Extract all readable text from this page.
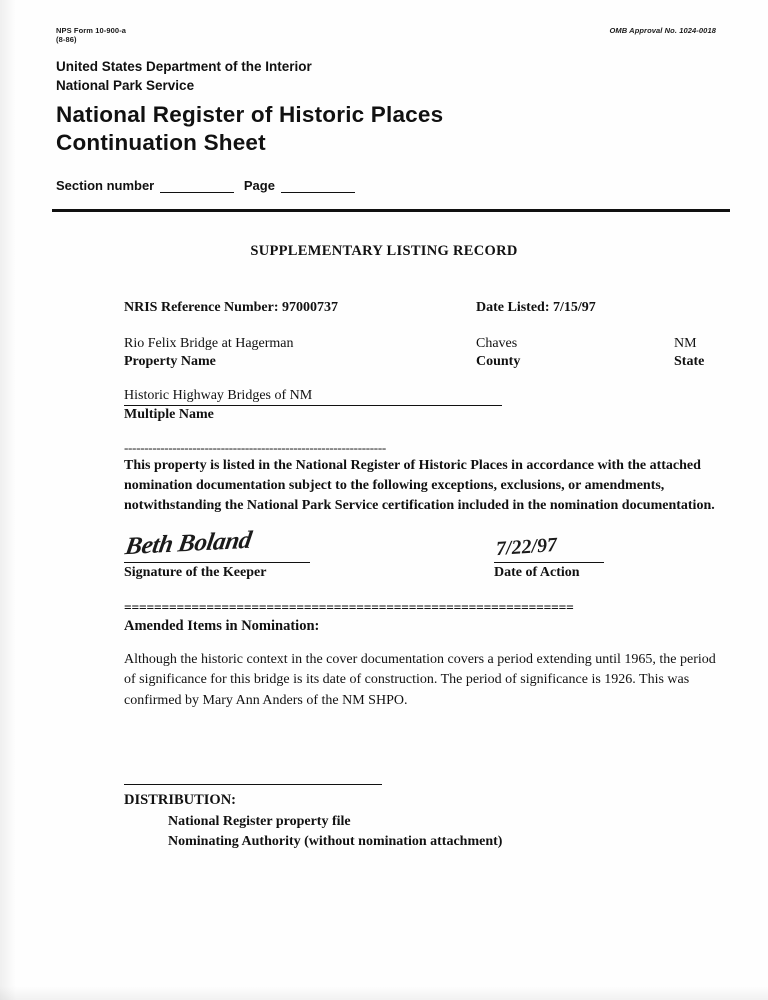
NPS Form 10-900-a
(8-86)
OMB Approval No. 1024-0018
United States Department of the Interior
National Park Service
National Register of Historic Places
Continuation Sheet
Section number	Page
SUPPLEMENTARY LISTING RECORD
NRIS Reference Number: 97000737	Date Listed: 7/15/97
Rio Felix Bridge at Hagerman	Chaves	NM
Property Name	County	State
Historic Highway Bridges of NM
Multiple Name
-----------------------------------------------------------------
This property is listed in the National Register of Historic Places in accordance with the attached nomination documentation subject to the following exceptions, exclusions, or amendments, notwithstanding the National Park Service certification included in the nomination documentation.
Beth Boland
Signature of the Keeper
7/22/97
Date of Action
============================================================
Amended Items in Nomination:
Although the historic context in the cover documentation covers a period extending until 1965, the period of significance for this bridge is its date of construction. The period of significance is 1926. This was confirmed by Mary Ann Anders of the NM SHPO.
DISTRIBUTION:
National Register property file
Nominating Authority (without nomination attachment)
